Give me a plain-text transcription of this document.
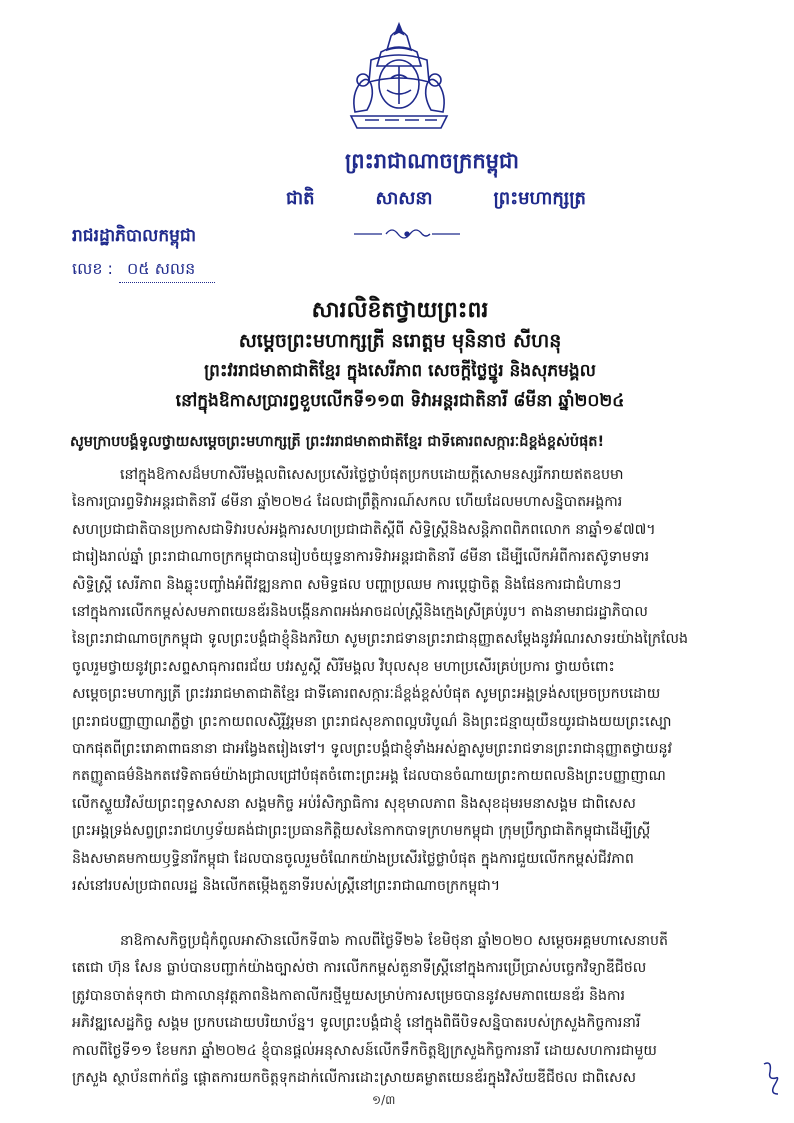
ព្រះរាជាណាចក្រកម្ពុជា
ជាតិ	សាសនា	ព្រះមហាក្សត្រ
រាជរដ្ឋាភិបាលកម្ពុជា
លេខ : ០៥ សលន
សារលិខិតថ្វាយព្រះពរ
សម្តេចព្រះមហាក្សត្រី នរោត្តម មុនិនាថ សីហនុ
ព្រះវររាជមាតាជាតិខ្មែរ ក្នុងសេរីភាព សេចក្តីថ្លៃថ្នូរ និងសុភមង្គល
នៅក្នុងឱកាសប្រារព្ធខួបលើកទី១១៣ ទិវាអន្តរជាតិនារី ៨មីនា ឆ្នាំ២០២៤
សូមក្រាបបង្គំទូលថ្វាយសម្តេចព្រះមហាក្សត្រី ព្រះវររាជមាតាជាតិខ្មែរ ជាទីគោរពសក្ការៈដ៏ខ្ពង់ខ្ពស់បំផុត!

នៅក្នុងឱកាសដ៏មហាសិរីមង្គលពិសេសប្រសើរថ្លៃថ្លាបំផុតប្រកបដោយក្តីសោមនស្សរីករាយឥតឧបមា

នៃការប្រារព្ធទិវាអន្តរជាតិនារី ៨មីនា ឆ្នាំ២០២៤ ដែលជាព្រឹត្តិការណ៍សកល ហើយដែលមហាសន្និបាតអង្គការ

សហប្រជាជាតិបានប្រកាសជាទិវារបស់អង្គការសហប្រជាជាតិស្តីពី សិទ្ធិស្ត្រីនិងសន្តិភាពពិភពលោក នាឆ្នាំ១៩៧៧។

ជារៀងរាល់ឆ្នាំ ព្រះរាជាណាចក្រកម្ពុជាបានរៀបចំយុទ្ធនាការទិវាអន្តរជាតិនារី ៨មីនា ដើម្បីលើកអំពីការតស៊ូទាមទារ

សិទ្ធិស្ត្រី សេរីភាព និងឆ្លុះបញ្ចាំងអំពីវឌ្ឍនភាព សមិទ្ធផល បញ្ហាប្រឈម ការប្តេជ្ញាចិត្ត និងផែនការជាជំហានៗ

នៅក្នុងការលើកកម្ពស់សមភាពយេនឌ័រនិងបង្កើនភាពអង់អាចដល់ស្ត្រីនិងក្មេងស្រីគ្រប់រូប។ តាងនាមរាជរដ្ឋាភិបាល

នៃព្រះរាជាណាចក្រកម្ពុជា ទូលព្រះបង្គំជាខ្ញុំនិងភរិយា សូមព្រះរាជទានព្រះរាជានុញ្ញាតសម្តែងនូវអំណរសាទរយ៉ាងក្រៃលែង

ចូលរួមថ្វាយនូវព្រះសព្ទសាធុការពរជ័យ បវរសួស្តី សិរីមង្គល វិបុលសុខ មហាប្រសើរគ្រប់ប្រការ ថ្វាយចំពោះ

សម្តេចព្រះមហាក្សត្រី ព្រះវររាជមាតាជាតិខ្មែរ ជាទីគោរពសក្ការៈដ៏ខ្ពង់ខ្ពស់បំផុត សូមព្រះអង្គទ្រង់សម្រេចប្រកបដោយ

ព្រះរាជបញ្ញាញាណភ្លឺថ្លា ព្រះកាយពលសិរីវរ្ណមនា ព្រះរាជសុខភាពល្អបរិបូណ៌ និងព្រះជន្មាយុយឺនយូរជាងយយព្រះស្បោ

បាកផុតពីព្រះរោគាពាធនានា ជាអង្វែងតរៀងទៅ។ ទូលព្រះបង្គំជាខ្ញុំទាំងអស់គ្នាសូមព្រះរាជទានព្រះរាជានុញ្ញាតថ្វាយនូវ

កតញ្ញូតាធម៌និងកតវេទិតាធម៌យ៉ាងជ្រាលជ្រៅបំផុតចំពោះព្រះអង្គ ដែលបានចំណាយព្រះកាយពលនិងព្រះបញ្ញាញាណ

លើកស្ទួយវិស័យព្រះពុទ្ធសាសនា សង្គមកិច្ច អប់រំសិក្សាធិការ សុខុមាលភាព និងសុខដុមរមនាសង្គម ជាពិសេស

ព្រះអង្គទ្រង់សព្វព្រះរាជហឫទ័យគង់ជាព្រះប្រធានកិត្តិយសនៃកាកបាទក្រហមកម្ពុជា ក្រុមប្រឹក្សាជាតិកម្ពុជាដើម្បីស្ត្រី

និងសមាគមកាយឫទ្ធិនារីកម្ពុជា ដែលបានចូលរួមចំណែកយ៉ាងប្រសើរថ្លៃថ្លាបំផុត ក្នុងការជួយលើកកម្ពស់ជីវភាព

រស់នៅរបស់ប្រជាពលរដ្ឋ និងលើកតម្កើងតួនាទីរបស់ស្ត្រីនៅព្រះរាជាណាចក្រកម្ពុជា។

នាឱកាសកិច្ចប្រជុំកំពូលអាស៊ានលើកទី៣៦ កាលពីថ្ងៃទី២៦ ខែមិថុនា ឆ្នាំ២០២០ សម្តេចអគ្គមហាសេនាបតី

តេជោ ហ៊ុន សែន ធ្លាប់បានបញ្ជាក់យ៉ាងច្បាស់ថា ការលើកកម្ពស់តួនាទីស្ត្រីនៅក្នុងការប្រើប្រាស់បច្ចេកវិទ្យាឌីជីថល

ត្រូវបានចាត់ទុកថា ជាកាលានុវត្តភាពនិងកាតាលីករថ្មីមួយសម្រាប់ការសម្រេចបាននូវសមភាពយេនឌ័រ និងការ

អភិវឌ្ឍសេដ្ឋកិច្ច សង្គម ប្រកបដោយបរិយាប័ន្ន។ ទូលព្រះបង្គំជាខ្ញុំ នៅក្នុងពិធីបិទសន្និបាតរបស់ក្រសួងកិច្ចការនារី

កាលពីថ្ងៃទី១១ ខែមករា ឆ្នាំ២០២៤ ខ្ញុំបានផ្តល់អនុសាសន៍លើកទឹកចិត្តឱ្យក្រសួងកិច្ចការនារី ដោយសហការជាមួយ

ក្រសួង ស្ថាប័នពាក់ព័ន្ធ ផ្តោតការយកចិត្តទុកដាក់លើការដោះស្រាយគម្លាតយេនឌ័រក្នុងវិស័យឌីជីថល ជាពិសេស

១/៣
